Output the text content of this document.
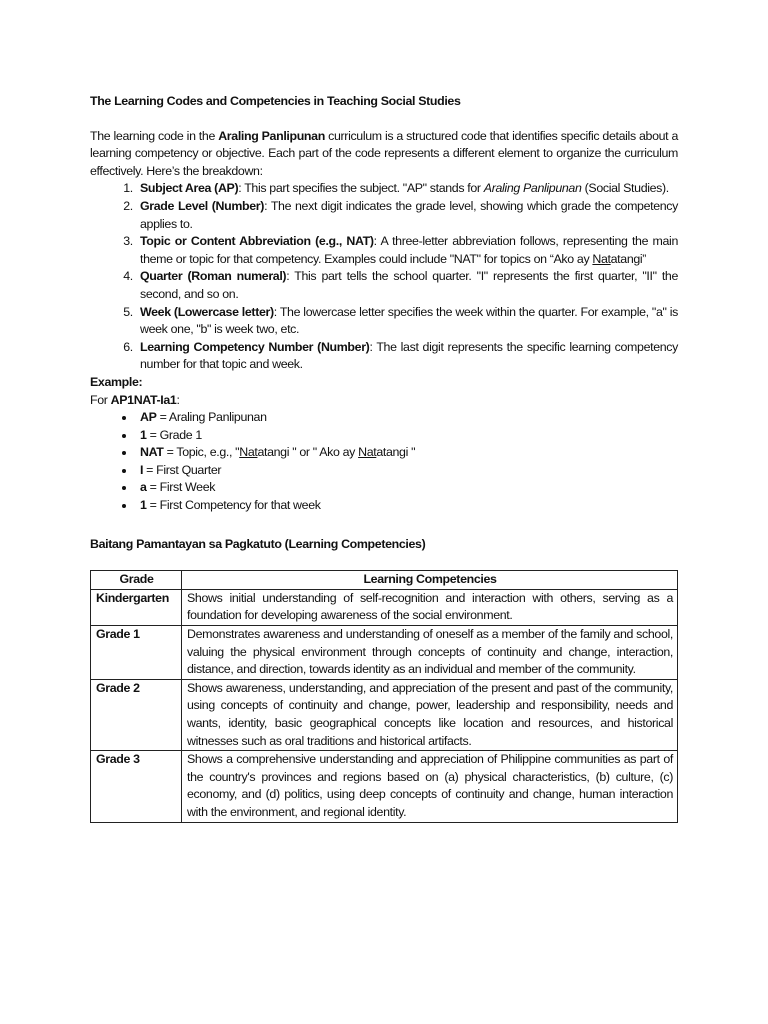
The Learning Codes and Competencies in Teaching Social Studies

The learning code in the Araling Panlipunan curriculum is a structured code that identifies specific details about a learning competency or objective. Each part of the code represents a different element to organize the curriculum effectively. Here’s the breakdown:

1. Subject Area (AP): This part specifies the subject. "AP" stands for Araling Panlipunan (Social Studies).
2. Grade Level (Number): The next digit indicates the grade level, showing which grade the competency applies to.
3. Topic or Content Abbreviation (e.g., NAT): A three-letter abbreviation follows, representing the main theme or topic for that competency. Examples could include "NAT" for topics on “Ako ay Natatangi”
4. Quarter (Roman numeral): This part tells the school quarter. "I" represents the first quarter, "II" the second, and so on.
5. Week (Lowercase letter): The lowercase letter specifies the week within the quarter. For example, "a" is week one, "b" is week two, etc.
6. Learning Competency Number (Number): The last digit represents the specific learning competency number for that topic and week.
Example:
For AP1NAT-Ia1:
• AP = Araling Panlipunan
• 1 = Grade 1
• NAT = Topic, e.g., "Natatangi " or " Ako ay Natatangi "
• I = First Quarter
• a = First Week
• 1 = First Competency for that week
Baitang Pamantayan sa Pagkatuto (Learning Competencies)
Grade	Learning Competencies
Kindergarten	Shows initial understanding of self-recognition and interaction with others, serving as a foundation for developing awareness of the social environment.
Grade 1	Demonstrates awareness and understanding of oneself as a member of the family and school, valuing the physical environment through concepts of continuity and change, interaction, distance, and direction, towards identity as an individual and member of the community.
Grade 2	Shows awareness, understanding, and appreciation of the present and past of the community, using concepts of continuity and change, power, leadership and responsibility, needs and wants, identity, basic geographical concepts like location and resources, and historical witnesses such as oral traditions and historical artifacts.
Grade 3	Shows a comprehensive understanding and appreciation of Philippine communities as part of the country's provinces and regions based on (a) physical characteristics, (b) culture, (c) economy, and (d) politics, using deep concepts of continuity and change, human interaction with the environment, and regional identity.
